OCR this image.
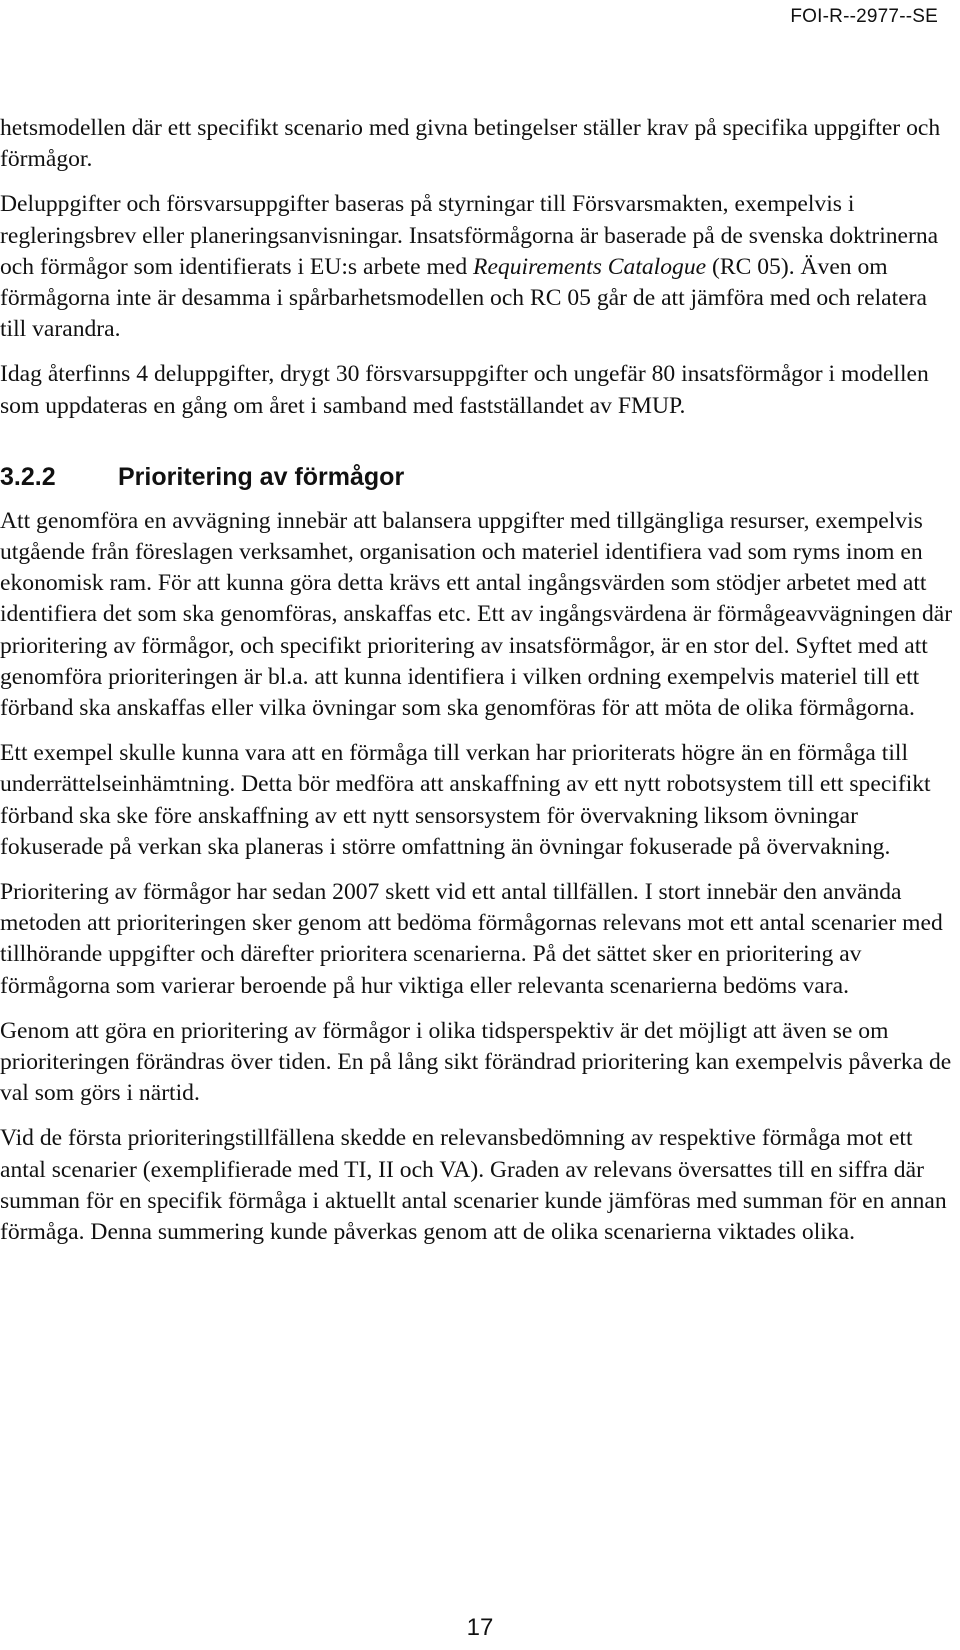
FOI-R--2977--SE

hetsmodellen där ett specifikt scenario med givna betingelser ställer krav på specifika uppgifter och förmågor.

Deluppgifter och försvarsuppgifter baseras på styrningar till Försvarsmakten, exempelvis i regleringsbrev eller planeringsanvisningar. Insatsförmågorna är baserade på de svenska doktrinerna och förmågor som identifierats i EU:s arbete med Requirements Catalogue (RC 05). Även om förmågorna inte är desamma i spårbarhetsmodellen och RC 05 går de att jämföra med och relatera till varandra.

Idag återfinns 4 deluppgifter, drygt 30 försvarsuppgifter och ungefär 80 insatsförmågor i modellen som uppdateras en gång om året i samband med fastställandet av FMUP.

3.2.2	Prioritering av förmågor

Att genomföra en avvägning innebär att balansera uppgifter med tillgängliga resurser, exempelvis utgående från föreslagen verksamhet, organisation och materiel identifiera vad som ryms inom en ekonomisk ram. För att kunna göra detta krävs ett antal ingångsvärden som stödjer arbetet med att identifiera det som ska genomföras, anskaffas etc. Ett av ingångsvärdena är förmågeavvägningen där prioritering av förmågor, och specifikt prioritering av insatsförmågor, är en stor del. Syftet med att genomföra prioriteringen är bl.a. att kunna identifiera i vilken ordning exempelvis materiel till ett förband ska anskaffas eller vilka övningar som ska genomföras för att möta de olika förmågorna.

Ett exempel skulle kunna vara att en förmåga till verkan har prioriterats högre än en förmåga till underrättelseinhämtning. Detta bör medföra att anskaffning av ett nytt robotsystem till ett specifikt förband ska ske före anskaffning av ett nytt sensorsystem för övervakning liksom övningar fokuserade på verkan ska planeras i större omfattning än övningar fokuserade på övervakning.

Prioritering av förmågor har sedan 2007 skett vid ett antal tillfällen. I stort innebär den använda metoden att prioriteringen sker genom att bedöma förmågornas relevans mot ett antal scenarier med tillhörande uppgifter och därefter prioritera scenarierna. På det sättet sker en prioritering av förmågorna som varierar beroende på hur viktiga eller relevanta scenarierna bedöms vara.

Genom att göra en prioritering av förmågor i olika tidsperspektiv är det möjligt att även se om prioriteringen förändras över tiden. En på lång sikt förändrad prioritering kan exempelvis påverka de val som görs i närtid.

Vid de första prioriteringstillfällena skedde en relevansbedömning av respektive förmåga mot ett antal scenarier (exemplifierade med TI, II och VA). Graden av relevans översattes till en siffra där summan för en specifik förmåga i aktuellt antal scenarier kunde jämföras med summan för en annan förmåga. Denna summering kunde påverkas genom att de olika scenarierna viktades olika.

17
